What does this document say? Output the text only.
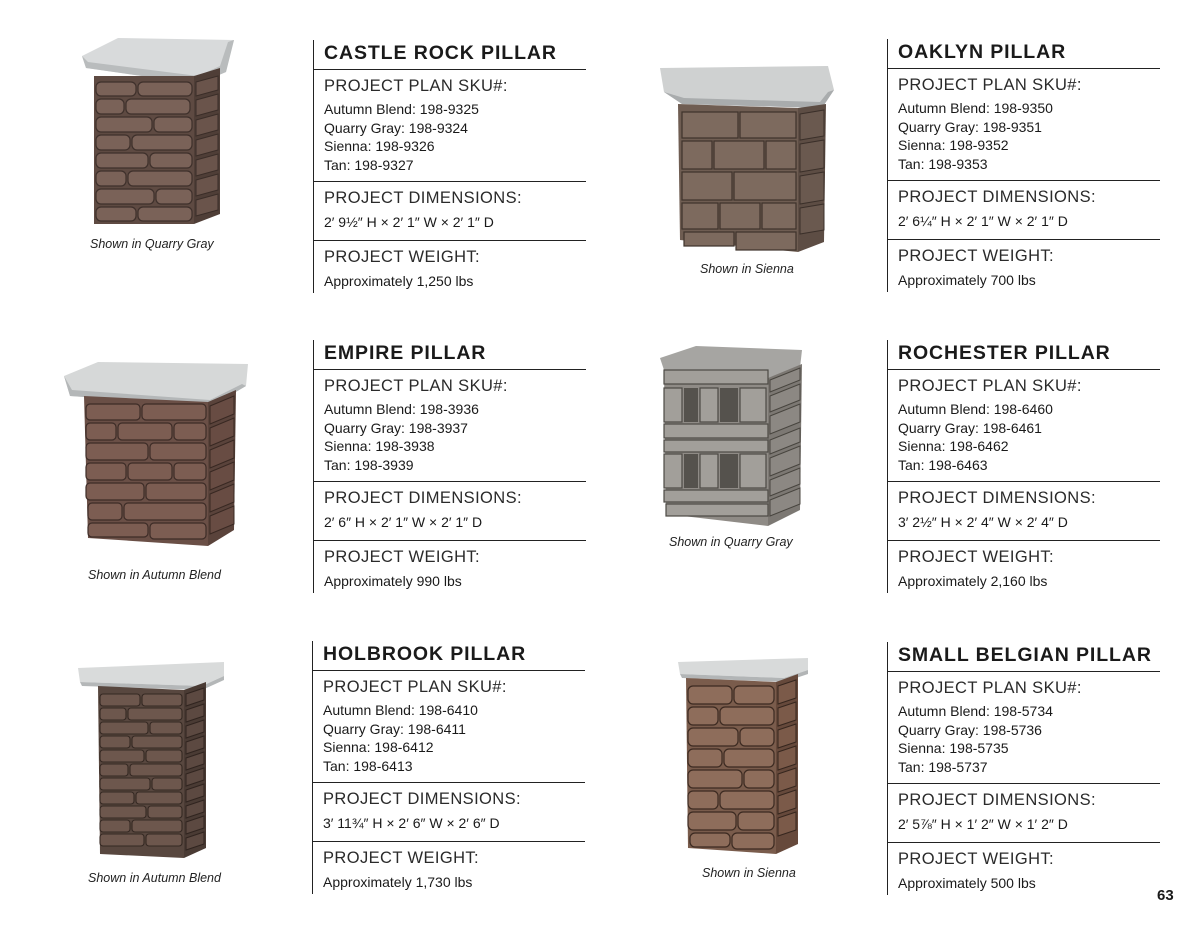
Shown in Quarry Gray
CASTLE ROCK PILLAR
PROJECT PLAN SKU#:
Autumn Blend: 198-9325
Quarry Gray: 198-9324
Sienna: 198-9326
Tan: 198-9327
PROJECT DIMENSIONS:
2′ 9½″ H × 2′ 1″ W × 2′ 1″ D
PROJECT WEIGHT:
Approximately 1,250 lbs
Shown in Sienna
OAKLYN PILLAR
PROJECT PLAN SKU#:
Autumn Blend: 198-9350
Quarry Gray: 198-9351
Sienna: 198-9352
Tan: 198-9353
PROJECT DIMENSIONS:
2′ 6¼″ H × 2′ 1″ W × 2′ 1″ D
PROJECT WEIGHT:
Approximately 700 lbs
Shown in Autumn Blend
EMPIRE PILLAR
PROJECT PLAN SKU#:
Autumn Blend: 198-3936
Quarry Gray: 198-3937
Sienna: 198-3938
Tan: 198-3939
PROJECT DIMENSIONS:
2′ 6″ H × 2′ 1″ W × 2′ 1″ D
PROJECT WEIGHT:
Approximately 990 lbs
Shown in Quarry Gray
ROCHESTER PILLAR
PROJECT PLAN SKU#:
Autumn Blend: 198-6460
Quarry Gray: 198-6461
Sienna: 198-6462
Tan: 198-6463
PROJECT DIMENSIONS:
3′ 2½″ H × 2′ 4″ W × 2′ 4″ D
PROJECT WEIGHT:
Approximately 2,160 lbs
Shown in Autumn Blend
HOLBROOK PILLAR
PROJECT PLAN SKU#:
Autumn Blend: 198-6410
Quarry Gray: 198-6411
Sienna: 198-6412
Tan: 198-6413
PROJECT DIMENSIONS:
3′ 11¾″ H × 2′ 6″ W × 2′ 6″ D
PROJECT WEIGHT:
Approximately 1,730 lbs
Shown in Sienna
SMALL BELGIAN PILLAR
PROJECT PLAN SKU#:
Autumn Blend: 198-5734
Quarry Gray: 198-5736
Sienna: 198-5735
Tan: 198-5737
PROJECT DIMENSIONS:
2′ 5⅞″ H × 1′ 2″ W × 1′ 2″ D
PROJECT WEIGHT:
Approximately 500 lbs
63
